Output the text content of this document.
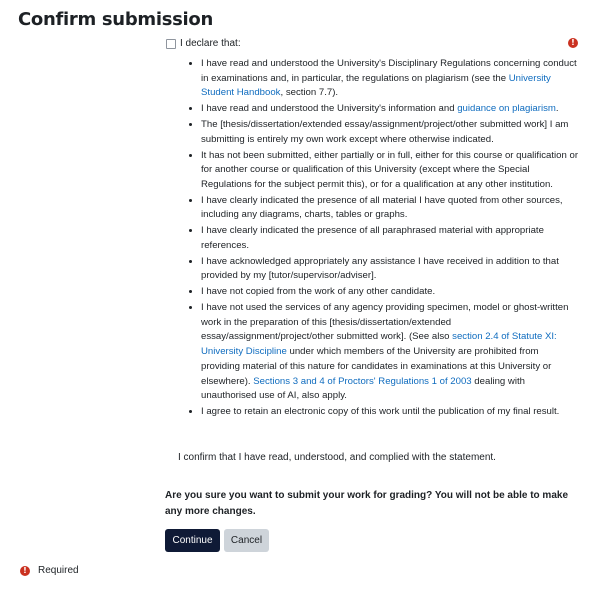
Confirm submission
!
I declare that:
• I have read and understood the University's Disciplinary Regulations concerning conduct in examinations and, in particular, the regulations on plagiarism (see the University Student Handbook, section 7.7).
• I have read and understood the University's information and guidance on plagiarism.
• The [thesis/dissertation/extended essay/assignment/project/other submitted work] I am submitting is entirely my own work except where otherwise indicated.
• It has not been submitted, either partially or in full, either for this course or qualification or for another course or qualification of this University (except where the Special Regulations for the subject permit this), or for a qualification at any other institution.
• I have clearly indicated the presence of all material I have quoted from other sources, including any diagrams, charts, tables or graphs.
• I have clearly indicated the presence of all paraphrased material with appropriate references.
• I have acknowledged appropriately any assistance I have received in addition to that provided by my [tutor/supervisor/adviser].
• I have not copied from the work of any other candidate.
• I have not used the services of any agency providing specimen, model or ghost-written work in the preparation of this [thesis/dissertation/extended essay/assignment/project/other submitted work]. (See also section 2.4 of Statute XI: University Discipline under which members of the University are prohibited from providing material of this nature for candidates in examinations at this University or elsewhere). Sections 3 and 4 of Proctors' Regulations 1 of 2003 dealing with unauthorised use of AI, also apply.
• I agree to retain an electronic copy of this work until the publication of my final result.
I confirm that I have read, understood, and complied with the statement.
Are you sure you want to submit your work for grading? You will not be able to make any more changes.
Continue	Cancel
!	Required
